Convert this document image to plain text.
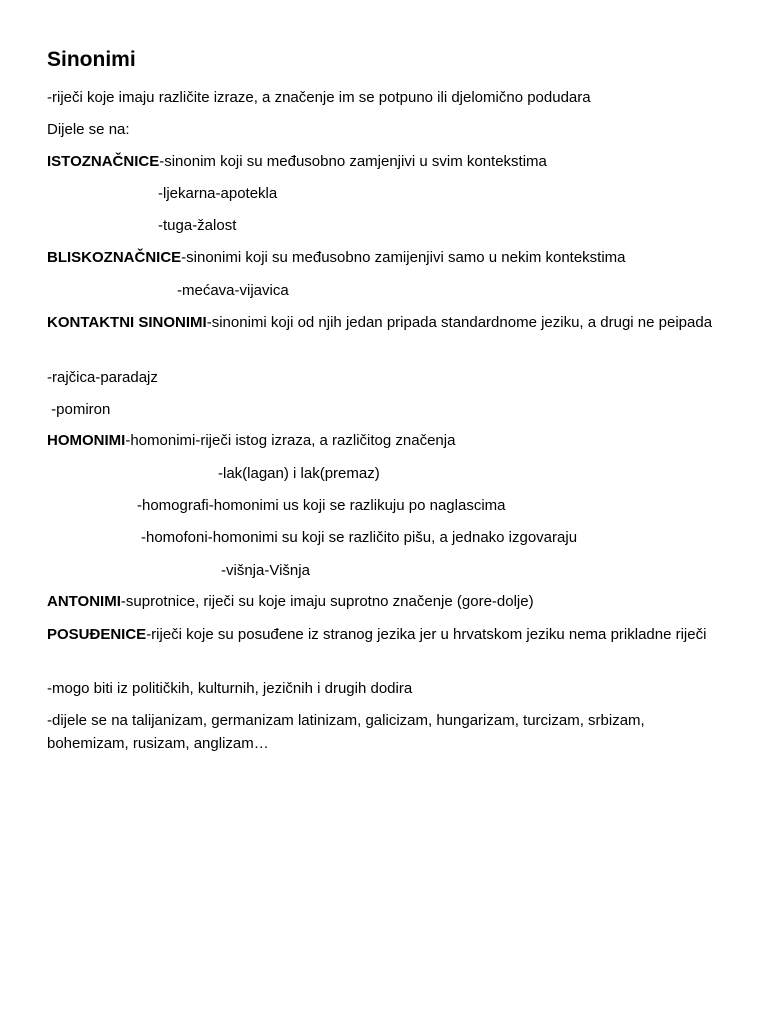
Sinonimi

-riječi koje imaju različite izraze, a značenje im se potpuno ili djelomično podudara

Dijele se na:

ISTOZNAČNICE-sinonim koji su međusobno zamjenjivi u svim kontekstima

-ljekarna-apotekla

-tuga-žalost

BLISKOZNAČNICE-sinonimi koji su međusobno zamijenjivi samo u nekim kontekstima

-mećava-vijavica

KONTAKTNI SINONIMI-sinonimi koji od njih jedan pripada standardnome jeziku, a drugi ne peipada

-rajčica-paradajz

-pomiron

HOMONIMI-homonimi-riječi istog izraza, a različitog značenja

-lak(lagan) i lak(premaz)

-homografi-homonimi us koji se razlikuju po naglascima

-homofoni-homonimi su koji se različito pišu, a jednako izgovaraju

-višnja-Višnja

ANTONIMI-suprotnice, riječi su koje imaju suprotno značenje (gore-dolje)

POSUĐENICE-riječi koje su posuđene iz stranog jezika jer u hrvatskom jeziku nema prikladne riječi

-mogo biti iz političkih, kulturnih, jezičnih i drugih dodira

-dijele se na talijanizam, germanizam latinizam, galicizam, hungarizam, turcizam, srbizam, bohemizam, rusizam, anglizam…
